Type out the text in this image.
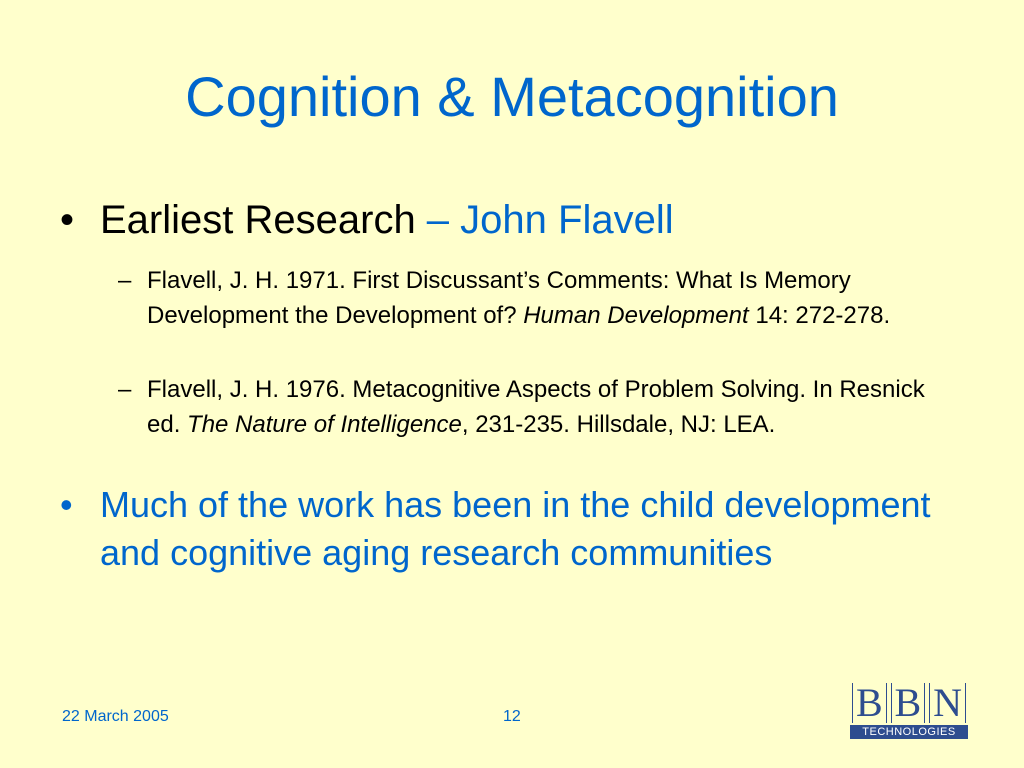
Cognition & Metacognition
• Earliest Research – John Flavell
– Flavell, J. H. 1971. First Discussant’s Comments: What Is Memory Development the Development of? Human Development 14: 272-278.
– Flavell, J. H. 1976. Metacognitive Aspects of Problem Solving. In Resnick ed. The Nature of Intelligence, 231-235. Hillsdale, NJ: LEA.
• Much of the work has been in the child development and cognitive aging research communities
22 March 2005	12	B B N
TECHNOLOGIES
